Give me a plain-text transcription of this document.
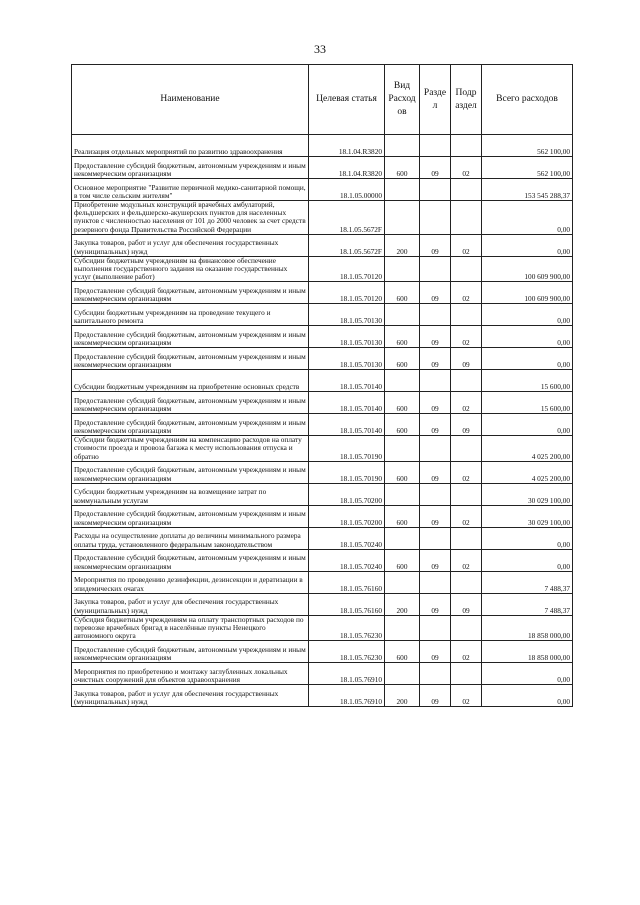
33
Наименование	Целевая статья	Вид Расход ов	Разде л	Подр аздел	Всего расходов
Реализация отдельных мероприятий по развитию здравоохранения	18.1.04.R3820				562 100,00
Предоставление субсидий бюджетным, автономным учреждениям и иным некоммерческим организациям	18.1.04.R3820	600	09	02	562 100,00
Основное мероприятие "Развитие первичной медико-санитарной помощи, в том числе сельским жителям"	18.1.05.00000				153 545 288,37
Приобретение модульных конструкций врачебных амбулаторий, фельдшерских и фельдшерско-акушерских пунктов для населенных пунктов с численностью населения от 101 до 2000 человек за счет средств резервного фонда Правительства Российской Федерации	18.1.05.5672F				0,00
Закупка товаров, работ и услуг для обеспечения государственных (муниципальных) нужд	18.1.05.5672F	200	09	02	0,00
Субсидии бюджетным учреждениям на финансовое обеспечение выполнения государственного задания на оказание государственных услуг (выполнение работ)	18.1.05.70120				100 609 900,00
Предоставление субсидий бюджетным, автономным учреждениям и иным некоммерческим организациям	18.1.05.70120	600	09	02	100 609 900,00
Субсидии бюджетным учреждениям на проведение текущего и капитального ремонта	18.1.05.70130				0,00
Предоставление субсидий бюджетным, автономным учреждениям и иным некоммерческим организациям	18.1.05.70130	600	09	02	0,00
Предоставление субсидий бюджетным, автономным учреждениям и иным некоммерческим организациям	18.1.05.70130	600	09	09	0,00
Субсидии бюджетным учреждениям на приобретение основных средств	18.1.05.70140				15 600,00
Предоставление субсидий бюджетным, автономным учреждениям и иным некоммерческим организациям	18.1.05.70140	600	09	02	15 600,00
Предоставление субсидий бюджетным, автономным учреждениям и иным некоммерческим организациям	18.1.05.70140	600	09	09	0,00
Субсидии бюджетным учреждениям на компенсацию расходов на оплату стоимости проезда и провоза багажа к месту использования отпуска и обратно	18.1.05.70190				4 025 200,00
Предоставление субсидий бюджетным, автономным учреждениям и иным некоммерческим организациям	18.1.05.70190	600	09	02	4 025 200,00
Субсидии бюджетным учреждениям на возмещение затрат по коммунальным услугам	18.1.05.70200				30 029 100,00
Предоставление субсидий бюджетным, автономным учреждениям и иным некоммерческим организациям	18.1.05.70200	600	09	02	30 029 100,00
Расходы на осуществление доплаты до величины минимального размера оплаты труда, установленного федеральным законодательством	18.1.05.70240				0,00
Предоставление субсидий бюджетным, автономным учреждениям и иным некоммерческим организациям	18.1.05.70240	600	09	02	0,00
Мероприятия по проведению дезинфекции, дезинсекции и дератизации в эпидемических очагах	18.1.05.76160				7 488,37
Закупка товаров, работ и услуг для обеспечения государственных (муниципальных) нужд	18.1.05.76160	200	09	09	7 488,37
Субсидия бюджетным учреждениям на оплату транспортных расходов по перевозке врачебных бригад в населённые пункты Ненецкого автономного округа	18.1.05.76230				18 858 000,00
Предоставление субсидий бюджетным, автономным учреждениям и иным некоммерческим организациям	18.1.05.76230	600	09	02	18 858 000,00
Мероприятия по приобретению и монтажу заглубленных локальных очистных сооружений для объектов здравоохранения	18.1.05.76910				0,00
Закупка товаров, работ и услуг для обеспечения государственных (муниципальных) нужд	18.1.05.76910	200	09	02	0,00
